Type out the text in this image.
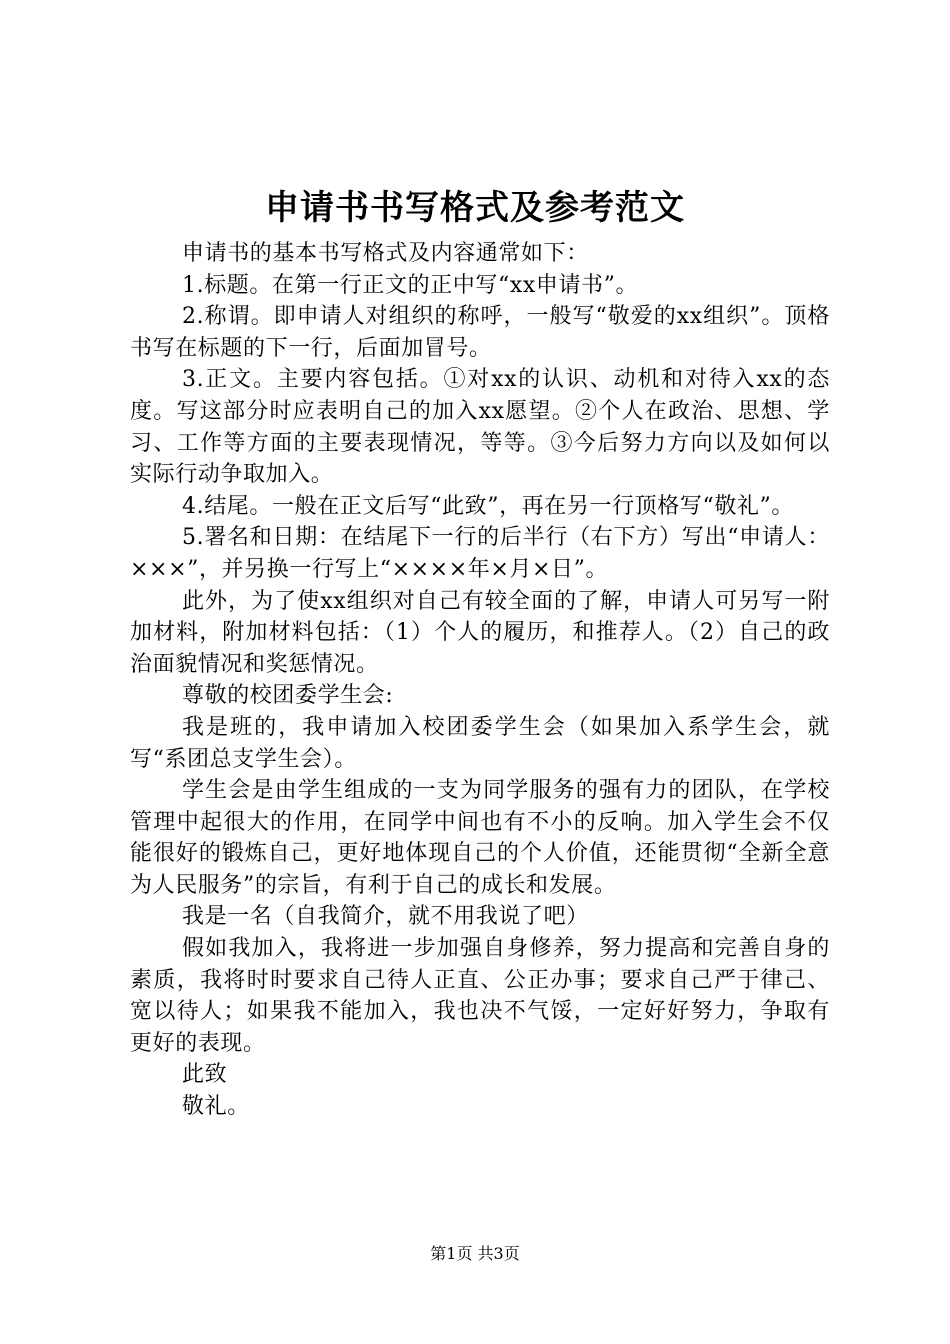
申请书书写格式及参考范文

申请书的基本书写格式及内容通常如下：

1.标题。在第一行正文的正中写“xx申请书”。

2.称谓。即申请人对组织的称呼，一般写“敬爱的xx组织”。顶格书写在标题的下一行，后面加冒号。

3.正文。主要内容包括。①对xx的认识、动机和对待入xx的态度。写这部分时应表明自己的加入xx愿望。②个人在政治、思想、学习、工作等方面的主要表现情况，等等。③今后努力方向以及如何以实际行动争取加入。

4.结尾。一般在正文后写“此致”，再在另一行顶格写“敬礼”。

5.署名和日期：在结尾下一行的后半行（右下方）写出“申请人：×××”，并另换一行写上“××××年×月×日”。

此外，为了使xx组织对自己有较全面的了解，申请人可另写一附加材料，附加材料包括：（1）个人的履历，和推荐人。（2）自己的政治面貌情况和奖惩情况。

尊敬的校团委学生会:

我是班的，我申请加入校团委学生会（如果加入系学生会，就写“系团总支学生会）。

学生会是由学生组成的一支为同学服务的强有力的团队，在学校管理中起很大的作用，在同学中间也有不小的反响。加入学生会不仅能很好的锻炼自己，更好地体现自己的个人价值，还能贯彻“全新全意为人民服务”的宗旨，有利于自己的成长和发展。

我是一名（自我简介，就不用我说了吧）

假如我加入，我将进一步加强自身修养，努力提高和完善自身的素质，我将时时要求自己待人正直、公正办事；要求自己严于律己、宽以待人；如果我不能加入，我也决不气馁，一定好好努力，争取有更好的表现。

此致

敬礼。

第1页 共3页
